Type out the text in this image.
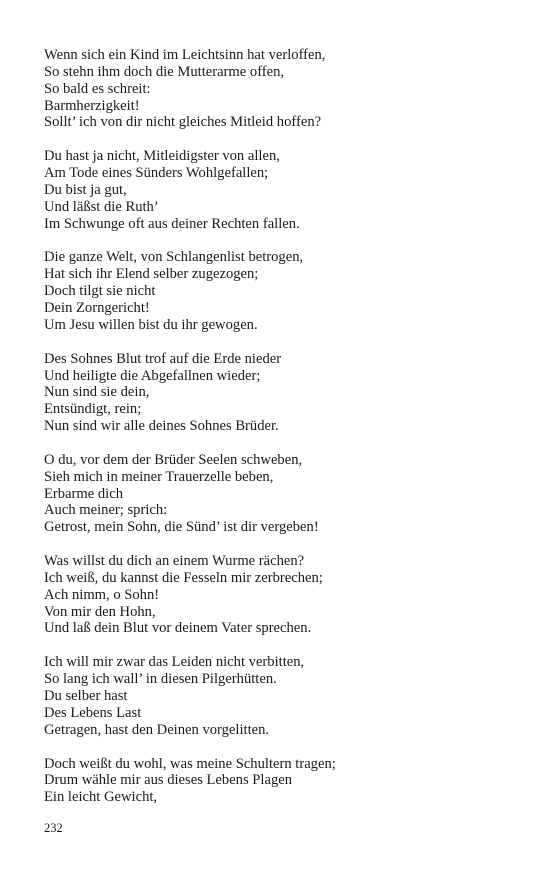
Wenn sich ein Kind im Leichtsinn hat verloffen,
So stehn ihm doch die Mutterarme offen,
So bald es schreit:
Barmherzigkeit!
Sollt’ ich von dir nicht gleiches Mitleid hoffen?
Du hast ja nicht, Mitleidigster von allen,
Am Tode eines Sünders Wohlgefallen;
Du bist ja gut,
Und läßst die Ruth’
Im Schwunge oft aus deiner Rechten fallen.
Die ganze Welt, von Schlangenlist betrogen,
Hat sich ihr Elend selber zugezogen;
Doch tilgt sie nicht
Dein Zorngericht!
Um Jesu willen bist du ihr gewogen.
Des Sohnes Blut trof auf die Erde nieder
Und heiligte die Abgefallnen wieder;
Nun sind sie dein,
Entsündigt, rein;
Nun sind wir alle deines Sohnes Brüder.
O du, vor dem der Brüder Seelen schweben,
Sieh mich in meiner Trauerzelle beben,
Erbarme dich
Auch meiner; sprich:
Getrost, mein Sohn, die Sünd’ ist dir vergeben!
Was willst du dich an einem Wurme rächen?
Ich weiß, du kannst die Fesseln mir zerbrechen;
Ach nimm, o Sohn!
Von mir den Hohn,
Und laß dein Blut vor deinem Vater sprechen.
Ich will mir zwar das Leiden nicht verbitten,
So lang ich wall’ in diesen Pilgerhütten.
Du selber hast
Des Lebens Last
Getragen, hast den Deinen vorgelitten.
Doch weißt du wohl, was meine Schultern tragen;
Drum wähle mir aus dieses Lebens Plagen
Ein leicht Gewicht,
232
